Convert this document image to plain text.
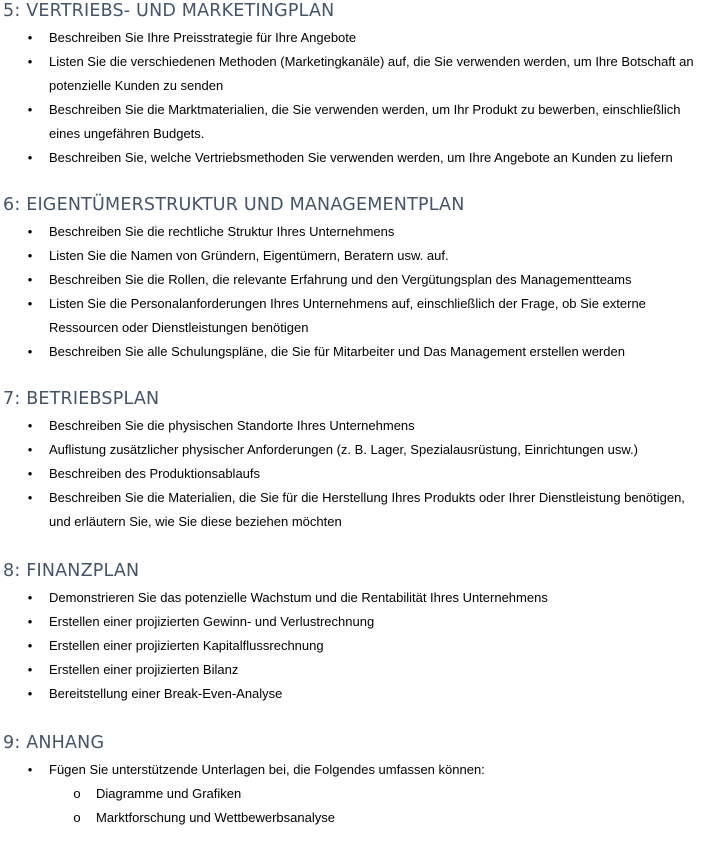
5: VERTRIEBS- UND MARKETINGPLAN
•	Beschreiben Sie Ihre Preisstrategie für Ihre Angebote
•	Listen Sie die verschiedenen Methoden (Marketingkanäle) auf, die Sie verwenden werden, um Ihre Botschaft an potenzielle Kunden zu senden
•	Beschreiben Sie die Marktmaterialien, die Sie verwenden werden, um Ihr Produkt zu bewerben, einschließlich eines ungefähren Budgets.
•	Beschreiben Sie, welche Vertriebsmethoden Sie verwenden werden, um Ihre Angebote an Kunden zu liefern
6: EIGENTÜMERSTRUKTUR UND MANAGEMENTPLAN
•	Beschreiben Sie die rechtliche Struktur Ihres Unternehmens
•	Listen Sie die Namen von Gründern, Eigentümern, Beratern usw. auf.
•	Beschreiben Sie die Rollen, die relevante Erfahrung und den Vergütungsplan des Managementteams
•	Listen Sie die Personalanforderungen Ihres Unternehmens auf, einschließlich der Frage, ob Sie externe Ressourcen oder Dienstleistungen benötigen
•	Beschreiben Sie alle Schulungspläne, die Sie für Mitarbeiter und Das Management erstellen werden
7: BETRIEBSPLAN
•	Beschreiben Sie die physischen Standorte Ihres Unternehmens
•	Auflistung zusätzlicher physischer Anforderungen (z. B. Lager, Spezialausrüstung, Einrichtungen usw.)
•	Beschreiben des Produktionsablaufs
•	Beschreiben Sie die Materialien, die Sie für die Herstellung Ihres Produkts oder Ihrer Dienstleistung benötigen, und erläutern Sie, wie Sie diese beziehen möchten
8: FINANZPLAN
•	Demonstrieren Sie das potenzielle Wachstum und die Rentabilität Ihres Unternehmens
•	Erstellen einer projizierten Gewinn- und Verlustrechnung
•	Erstellen einer projizierten Kapitalflussrechnung
•	Erstellen einer projizierten Bilanz
•	Bereitstellung einer Break-Even-Analyse
9: ANHANG
•	Fügen Sie unterstützende Unterlagen bei, die Folgendes umfassen können:
o Diagramme und Grafiken
o Marktforschung und Wettbewerbsanalyse
